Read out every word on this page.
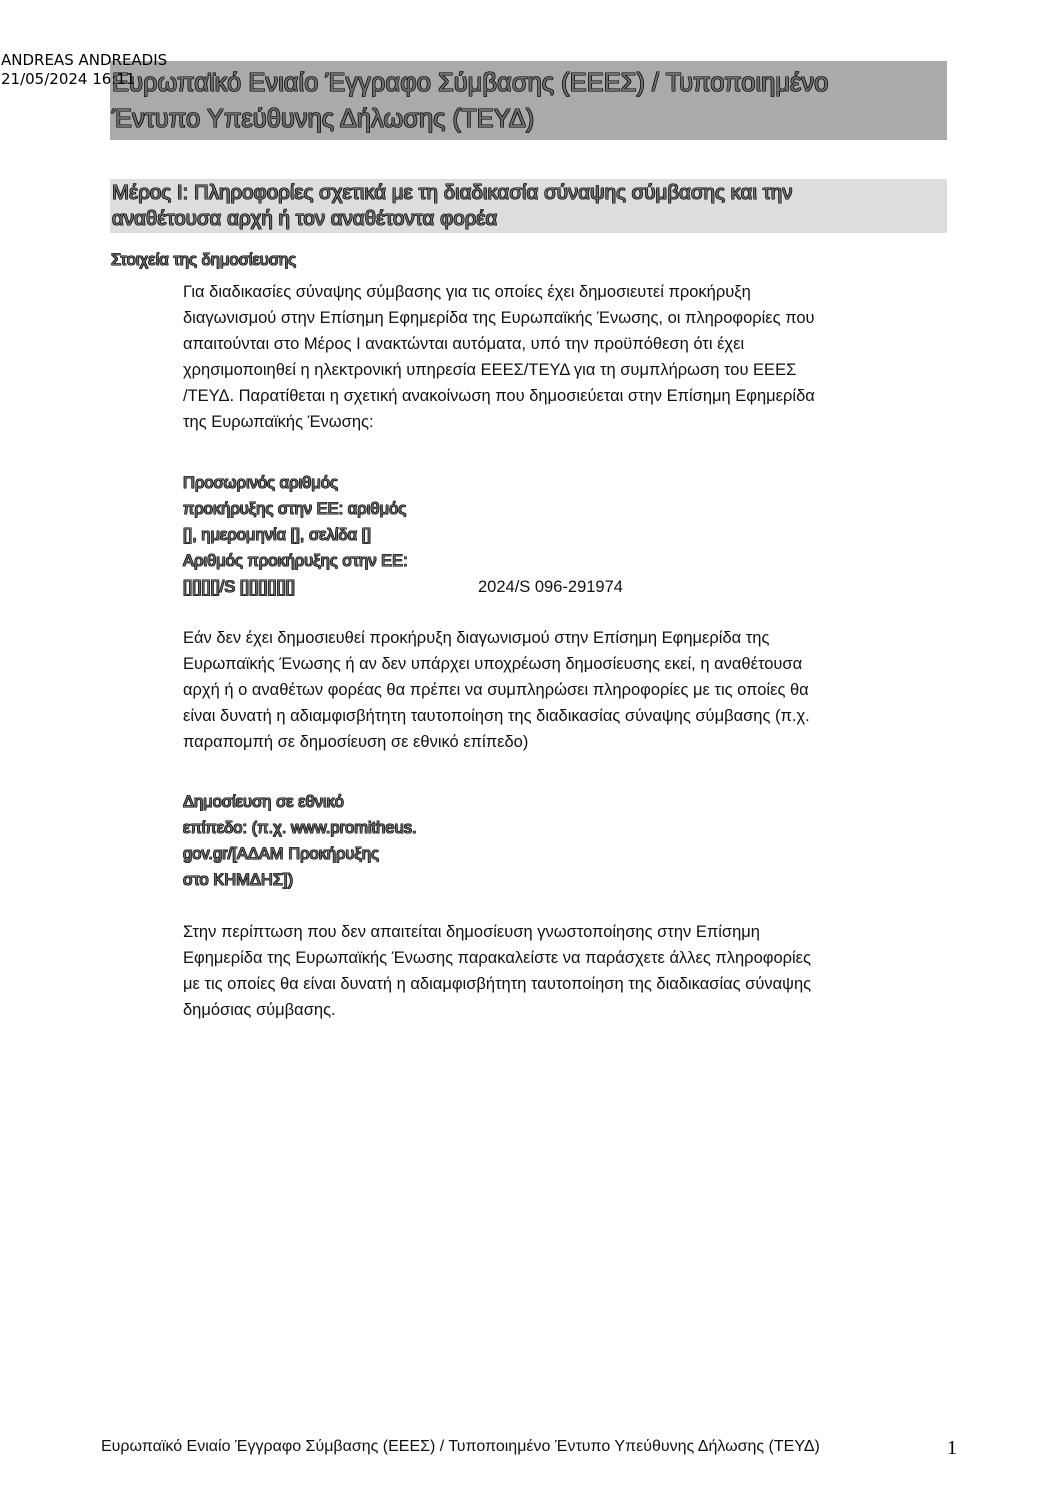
ANDREAS ANDREADIS
21/05/2024 16:11
Ευρωπαϊκό Ενιαίο Έγγραφο Σύμβασης (ΕΕΕΣ) / Τυποποιημένο
Έντυπο Υπεύθυνης Δήλωσης (ΤΕΥΔ)
Μέρος Ι: Πληροφορίες σχετικά με τη διαδικασία σύναψης σύμβασης και την
αναθέτουσα αρχή ή τον αναθέτοντα φορέα
Στοιχεία της δημοσίευσης
Για διαδικασίες σύναψης σύμβασης για τις οποίες έχει δημοσιευτεί προκήρυξη
διαγωνισμού στην Επίσημη Εφημερίδα της Ευρωπαϊκής Ένωσης, οι πληροφορίες που
απαιτούνται στο Μέρος I ανακτώνται αυτόματα, υπό την προϋπόθεση ότι έχει
χρησιμοποιηθεί η ηλεκτρονική υπηρεσία ΕΕΕΣ/ΤΕΥΔ για τη συμπλήρωση του ΕΕΕΣ
/ΤΕΥΔ. Παρατίθεται η σχετική ανακοίνωση που δημοσιεύεται στην Επίσημη Εφημερίδα
της Ευρωπαϊκής Ένωσης:
Προσωρινός αριθμός
προκήρυξης στην ΕΕ: αριθμός
[], ημερομηνία [], σελίδα []
Αριθμός προκήρυξης στην ΕΕ:
[][][][]/S [][][][][][]	2024/S 096-291974
Εάν δεν έχει δημοσιευθεί προκήρυξη διαγωνισμού στην Επίσημη Εφημερίδα της
Ευρωπαϊκής Ένωσης ή αν δεν υπάρχει υποχρέωση δημοσίευσης εκεί, η αναθέτουσα
αρχή ή ο αναθέτων φορέας θα πρέπει να συμπληρώσει πληροφορίες με τις οποίες θα
είναι δυνατή η αδιαμφισβήτητη ταυτοποίηση της διαδικασίας σύναψης σύμβασης (π.χ.
παραπομπή σε δημοσίευση σε εθνικό επίπεδο)
Δημοσίευση σε εθνικό
επίπεδο: (π.χ. www.promitheus.
gov.gr/[ΑΔΑΜ Προκήρυξης
στο ΚΗΜΔΗΣ])
Στην περίπτωση που δεν απαιτείται δημοσίευση γνωστοποίησης στην Επίσημη
Εφημερίδα της Ευρωπαϊκής Ένωσης παρακαλείστε να παράσχετε άλλες πληροφορίες
με τις οποίες θα είναι δυνατή η αδιαμφισβήτητη ταυτοποίηση της διαδικασίας σύναψης
δημόσιας σύμβασης.
Ευρωπαϊκό Ενιαίο Έγγραφο Σύμβασης (ΕΕΕΣ) / Τυποποιημένο Έντυπο Υπεύθυνης Δήλωσης (ΤΕΥΔ)	1
